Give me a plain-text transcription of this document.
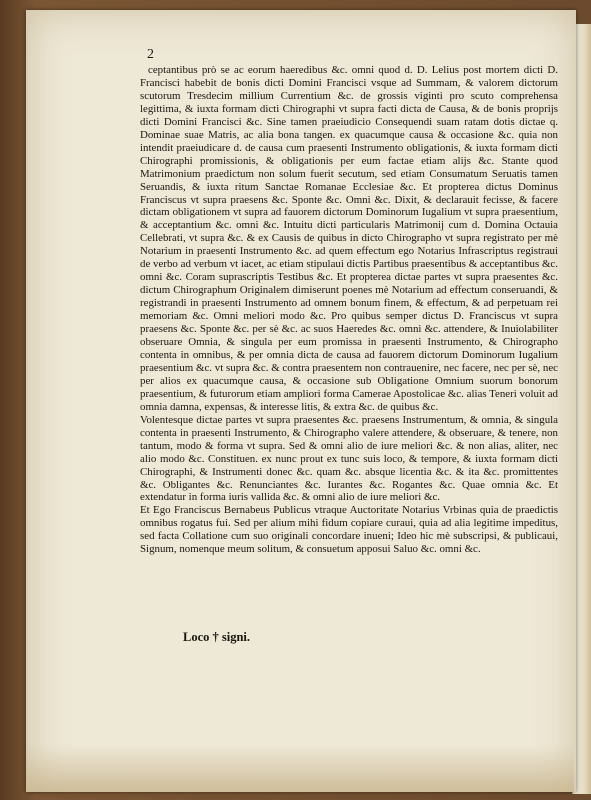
2

ceptantibus prò se ac eorum haeredibus &c. omni quod d. D. Lelius post mortem dicti D. Francisci habebit de bonis dicti Domini Francisci vsque ad Summam, & valorem dictorum scutorum Tresdecim millium Currentium &c. de grossis viginti pro scuto comprehensa legittima, & iuxta formam dicti Chirographi vt supra facti dicta de Causa, & de bonis proprijs dicti Domini Francisci &c. Sine tamen praeiudicio Consequendi suam ratam dotis dictae q. Dominae suae Matris, ac alia bona tangen. ex quacumque causa & occasione &c. quia non intendit praeiudicare d. de causa cum praesenti Instrumento obligationis, & iuxta formam dicti Chirographi promissionis, & obligationis per eum factae etiam alijs &c. Stante quod Matrimonium praedictum non solum fuerit secutum, sed etiam Consumatum Seruatis tamen Seruandis, & iuxta ritum Sanctae Romanae Ecclesiae &c. Et propterea dictus Dominus Franciscus vt supra praesens &c. Sponte &c. Omni &c. Dixit, & declarauit fecisse, & facere dictam obligationem vt supra ad fauorem dictorum Dominorum Iugalium vt supra praesentium, & acceptantium &c. omni &c. Intuitu dicti particularis Matrimonij cum d. Domina Octauia Cellebrati, vt supra &c. & ex Causis de quibus in dicto Chirographo vt supra registrato per mè Notarium in praesenti Instrumento &c. ad quem effectum ego Notarius Infrascriptus registraui de verbo ad verbum vt iacet, ac etiam stipulaui dictis Partibus praesentibus & acceptantibus &c. omni &c. Coram suprascriptis Testibus &c. Et propterea dictae partes vt supra praesentes &c. dictum Chirographum Originalem dimiserunt poenes mè Notarium ad effectum conseruandi, & registrandi in praesenti Instrumento ad omnem bonum finem, & effectum, & ad perpetuam rei memoriam &c. Omni meliori modo &c. Pro quibus semper dictus D. Franciscus vt supra praesens &c. Sponte &c. per sè &c. ac suos Haeredes &c. omni &c. attendere, & Inuiolabiliter obseruare Omnia, & singula per eum promissa in praesenti Instrumento, & Chirographo contenta in omnibus, & per omnia dicta de causa ad fauorem dictorum Dominorum Iugalium praesentium &c. vt supra &c. & contra praesentem non contrauenire, nec facere, nec per sè, nec per alios ex quacumque causa, & occasione sub Obligatione Omnium suorum bonorum praesentium, & futurorum etiam ampliori forma Camerae Apostolicae &c. alias Teneri voluit ad omnia damna, expensas, & interesse litis, & extra &c. de quibus &c.

Volentesque dictae partes vt supra praesentes &c. praesens Instrumentum, & omnia, & singula contenta in praesenti Instrumento, & Chirographo valere attendere, & obseruare, & tenere, non tantum, modo & forma vt supra. Sed & omni alio de iure meliori &c. & non alias, aliter, nec alio modo &c. Constituen. ex nunc prout ex tunc suis loco, & tempore, & iuxta formam dicti Chirographi, & Instrumenti donec &c. quam &c. absque licentia &c. & ita &c. promittentes &c. Obligantes &c. Renunciantes &c. Iurantes &c. Rogantes &c. Quae omnia &c. Et extendatur in forma iuris vallida &c. & omni alio de iure meliori &c.

Et Ego Franciscus Bernabeus Publicus vtraque Auctoritate Notarius Vrbinas quia de praedictis omnibus rogatus fui. Sed per alium mihi fidum copiare curaui, quia ad alia legitime impeditus, sed facta Collatione cum suo originali concordare inueni; Ideo hic mè subscripsi, & publicaui, Signum, nomenque meum solitum, & consuetum apposui Saluo &c. omni &c.

Loco † signi.
